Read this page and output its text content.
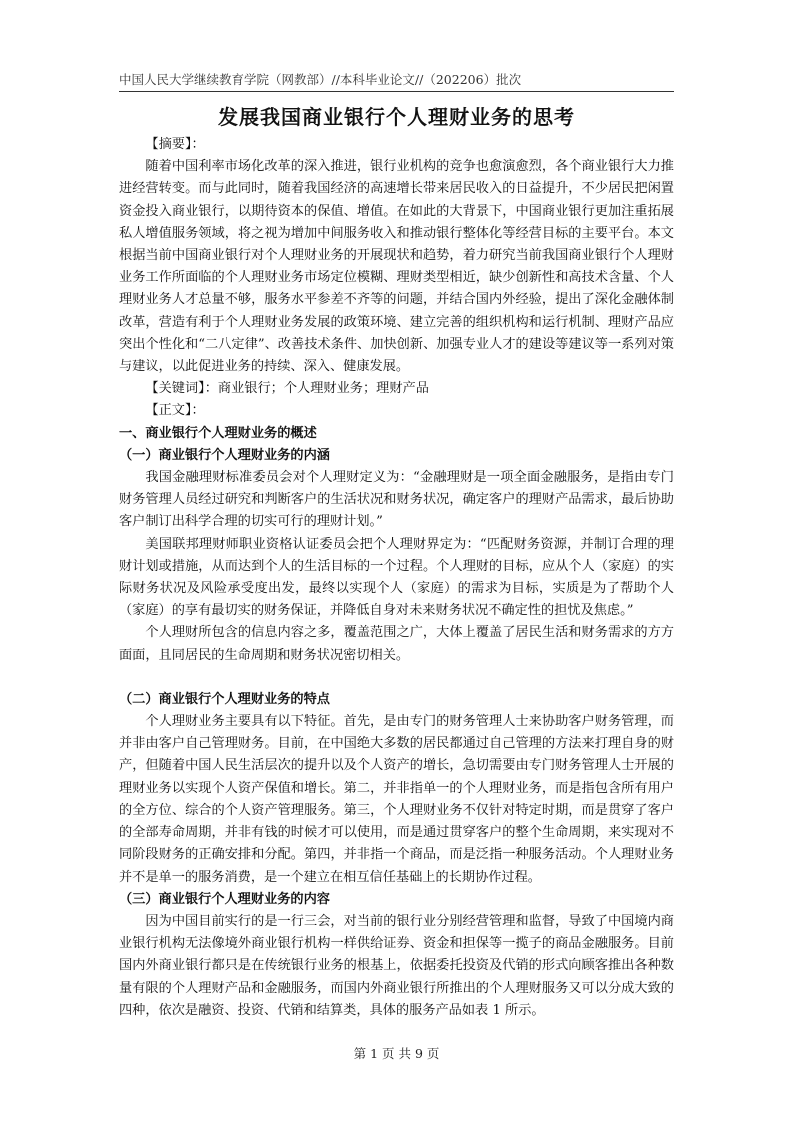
中国人民大学继续教育学院（网教部）//本科毕业论文//（202206）批次
发展我国商业银行个人理财业务的思考

【摘要】：

随着中国利率市场化改革的深入推进，银行业机构的竞争也愈演愈烈，各个商业银行大力推进经营转变。而与此同时，随着我国经济的高速增长带来居民收入的日益提升，不少居民把闲置资金投入商业银行，以期待资本的保值、增值。在如此的大背景下，中国商业银行更加注重拓展私人增值服务领域，将之视为增加中间服务收入和推动银行整体化等经营目标的主要平台。本文根据当前中国商业银行对个人理财业务的开展现状和趋势，着力研究当前我国商业银行个人理财业务工作所面临的个人理财业务市场定位模糊、理财类型相近，缺少创新性和高技术含量、个人理财业务人才总量不够，服务水平参差不齐等的问题，并结合国内外经验，提出了深化金融体制改革，营造有利于个人理财业务发展的政策环境、建立完善的组织机构和运行机制、理财产品应突出个性化和“二八定律”、改善技术条件、加快创新、加强专业人才的建设等建议等一系列对策与建议，以此促进业务的持续、深入、健康发展。

【关键词】：商业银行；个人理财业务；理财产品

【正文】：

一、商业银行个人理财业务的概述

（一）商业银行个人理财业务的内涵

我国金融理财标准委员会对个人理财定义为：“金融理财是一项全面金融服务，是指由专门财务管理人员经过研究和判断客户的生活状况和财务状况，确定客户的理财产品需求，最后协助客户制订出科学合理的切实可行的理财计划。”

美国联邦理财师职业资格认证委员会把个人理财界定为：“匹配财务资源，并制订合理的理财计划或措施，从而达到个人的生活目标的一个过程。个人理财的目标，应从个人（家庭）的实际财务状况及风险承受度出发，最终以实现个人（家庭）的需求为目标，实质是为了帮助个人（家庭）的享有最切实的财务保证，并降低自身对未来财务状况不确定性的担忧及焦虑。”

个人理财所包含的信息内容之多，覆盖范围之广，大体上覆盖了居民生活和财务需求的方方面面，且同居民的生命周期和财务状况密切相关。

（二）商业银行个人理财业务的特点

个人理财业务主要具有以下特征。首先，是由专门的财务管理人士来协助客户财务管理，而并非由客户自己管理财务。目前，在中国绝大多数的居民都通过自己管理的方法来打理自身的财产，但随着中国人民生活层次的提升以及个人资产的增长，急切需要由专门财务管理人士开展的理财业务以实现个人资产保值和增长。第二，并非指单一的个人理财业务，而是指包含所有用户的全方位、综合的个人资产管理服务。第三，个人理财业务不仅针对特定时期，而是贯穿了客户的全部寿命周期，并非有钱的时候才可以使用，而是通过贯穿客户的整个生命周期，来实现对不同阶段财务的正确安排和分配。第四，并非指一个商品，而是泛指一种服务活动。个人理财业务并不是单一的服务消费，是一个建立在相互信任基础上的长期协作过程。

（三）商业银行个人理财业务的内容

因为中国目前实行的是一行三会，对当前的银行业分别经营管理和监督，导致了中国境内商业银行机构无法像境外商业银行机构一样供给证券、资金和担保等一揽子的商品金融服务。目前国内外商业银行都只是在传统银行业务的根基上，依据委托投资及代销的形式向顾客推出各种数量有限的个人理财产品和金融服务，而国内外商业银行所推出的个人理财服务又可以分成大致的四种，依次是融资、投资、代销和结算类，具体的服务产品如表 1 所示。

第 1 页 共 9 页
